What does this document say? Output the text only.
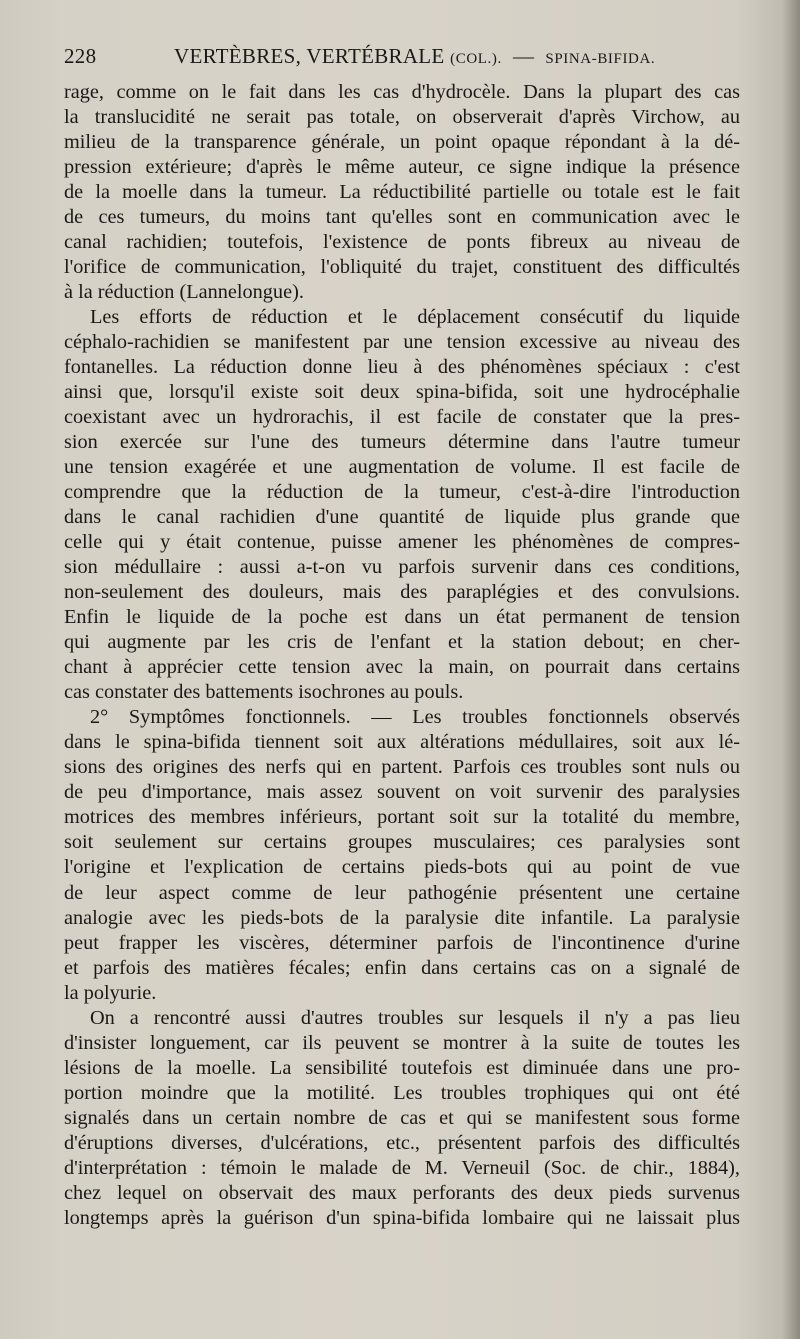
228	VERTÈBRES, VERTÉBRALE (COL.). — SPINA-BIFIDA.
rage, comme on le fait dans les cas d'hydrocèle. Dans la plupart des cas
la translucidité ne serait pas totale, on observerait d'après Virchow, au
milieu de la transparence générale, un point opaque répondant à la dé-
pression extérieure; d'après le même auteur, ce signe indique la présence
de la moelle dans la tumeur. La réductibilité partielle ou totale est le fait
de ces tumeurs, du moins tant qu'elles sont en communication avec le
canal rachidien; toutefois, l'existence de ponts fibreux au niveau de
l'orifice de communication, l'obliquité du trajet, constituent des difficultés
à la réduction (Lannelongue).
Les efforts de réduction et le déplacement consécutif du liquide
céphalo-rachidien se manifestent par une tension excessive au niveau des
fontanelles. La réduction donne lieu à des phénomènes spéciaux : c'est
ainsi que, lorsqu'il existe soit deux spina-bifida, soit une hydrocéphalie
coexistant avec un hydrorachis, il est facile de constater que la pres-
sion exercée sur l'une des tumeurs détermine dans l'autre tumeur
une tension exagérée et une augmentation de volume. Il est facile de
comprendre que la réduction de la tumeur, c'est-à-dire l'introduction
dans le canal rachidien d'une quantité de liquide plus grande que
celle qui y était contenue, puisse amener les phénomènes de compres-
sion médullaire : aussi a-t-on vu parfois survenir dans ces conditions,
non-seulement des douleurs, mais des paraplégies et des convulsions.
Enfin le liquide de la poche est dans un état permanent de tension
qui augmente par les cris de l'enfant et la station debout; en cher-
chant à apprécier cette tension avec la main, on pourrait dans certains
cas constater des battements isochrones au pouls.
2° Symptômes fonctionnels. — Les troubles fonctionnels observés
dans le spina-bifida tiennent soit aux altérations médullaires, soit aux lé-
sions des origines des nerfs qui en partent. Parfois ces troubles sont nuls ou
de peu d'importance, mais assez souvent on voit survenir des paralysies
motrices des membres inférieurs, portant soit sur la totalité du membre,
soit seulement sur certains groupes musculaires; ces paralysies sont
l'origine et l'explication de certains pieds-bots qui au point de vue
de leur aspect comme de leur pathogénie présentent une certaine
analogie avec les pieds-bots de la paralysie dite infantile. La paralysie
peut frapper les viscères, déterminer parfois de l'incontinence d'urine
et parfois des matières fécales; enfin dans certains cas on a signalé de
la polyurie.
On a rencontré aussi d'autres troubles sur lesquels il n'y a pas lieu
d'insister longuement, car ils peuvent se montrer à la suite de toutes les
lésions de la moelle. La sensibilité toutefois est diminuée dans une pro-
portion moindre que la motilité. Les troubles trophiques qui ont été
signalés dans un certain nombre de cas et qui se manifestent sous forme
d'éruptions diverses, d'ulcérations, etc., présentent parfois des difficultés
d'interprétation : témoin le malade de M. Verneuil (Soc. de chir., 1884),
chez lequel on observait des maux perforants des deux pieds survenus
longtemps après la guérison d'un spina-bifida lombaire qui ne laissait plus
